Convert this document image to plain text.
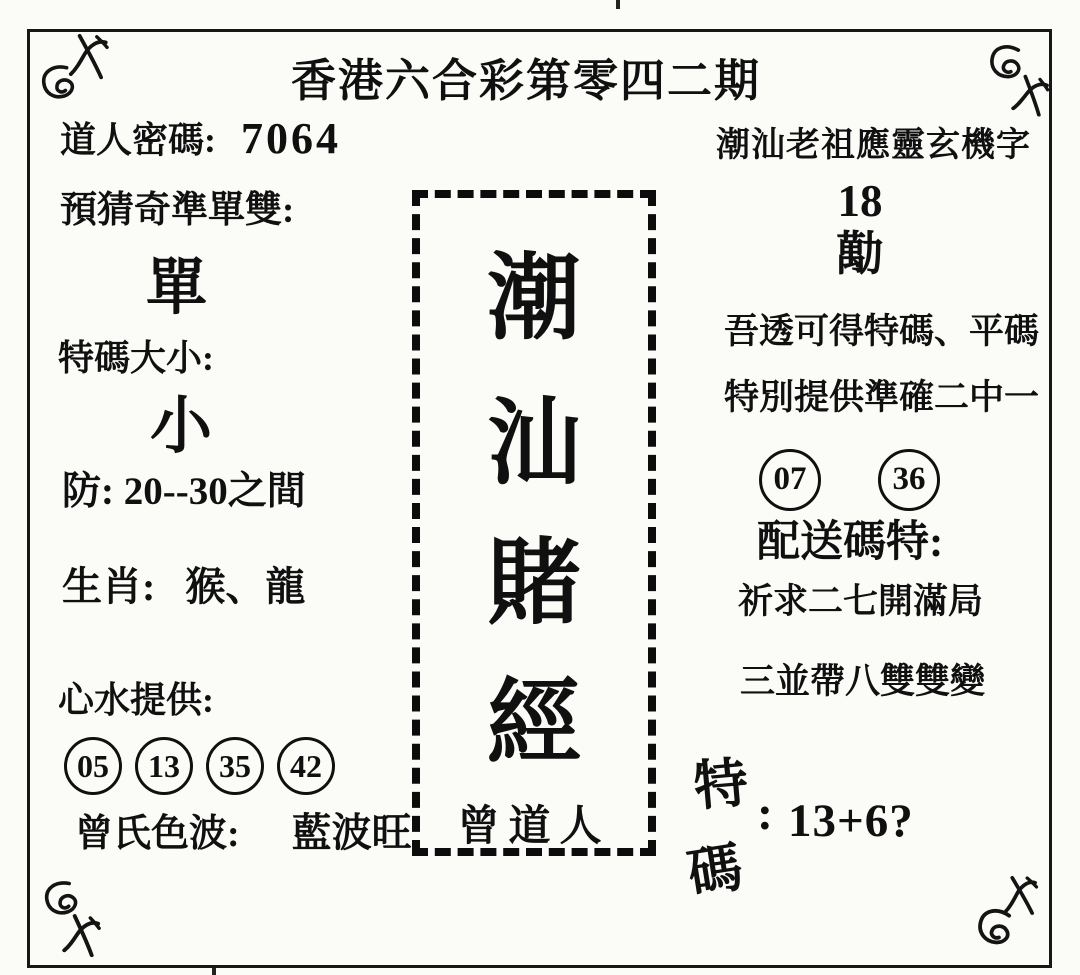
香港六合彩第零四二期
道人密碼: 7064
預猜奇準單雙:
單
特碼大小:
小
防: 20--30之間
生肖: 猴、龍
心水提供:
05	13	35	42
曾氏色波: 藍波旺
潮
汕
賭
經
曾道人
潮汕老祖應靈玄機字
18
勱
吾透可得特碼、平碼
特別提供準確二中一
07	36
配送碼特:
祈求二七開滿局
三並帶八雙雙變
特
碼
: 13+6?
